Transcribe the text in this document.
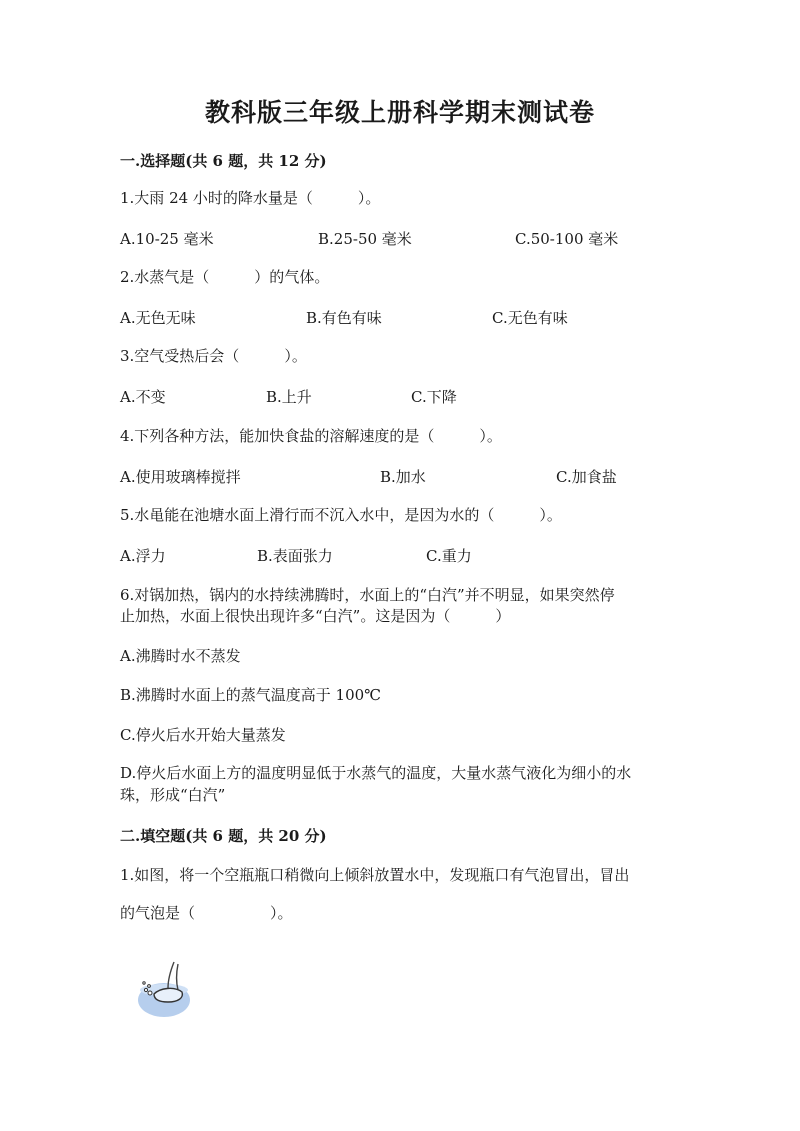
教科版三年级上册科学期末测试卷
一.选择题(共 6 题，共 12 分)
1.大雨 24 小时的降水量是（　　　）。
A.10-25 毫米	B.25-50 毫米	C.50-100 毫米
2.水蒸气是（　　　）的气体。
A.无色无味	B.有色有味	C.无色有味
3.空气受热后会（　　　）。
A.不变	B.上升	C.下降
4.下列各种方法，能加快食盐的溶解速度的是（　　　）。
A.使用玻璃棒搅拌	B.加水	C.加食盐
5.水黾能在池塘水面上滑行而不沉入水中，是因为水的（　　　）。
A.浮力	B.表面张力	C.重力
6.对锅加热，锅内的水持续沸腾时，水面上的“白汽”并不明显，如果突然停
止加热，水面上很快出现许多“白汽”。这是因为（　　　）
A.沸腾时水不蒸发
B.沸腾时水面上的蒸气温度高于 100℃
C.停火后水开始大量蒸发
D.停火后水面上方的温度明显低于水蒸气的温度，大量水蒸气液化为细小的水
珠，形成“白汽”
二.填空题(共 6 题，共 20 分)
1.如图，将一个空瓶瓶口稍微向上倾斜放置水中，发现瓶口有气泡冒出，冒出
的气泡是（　　　　　）。
